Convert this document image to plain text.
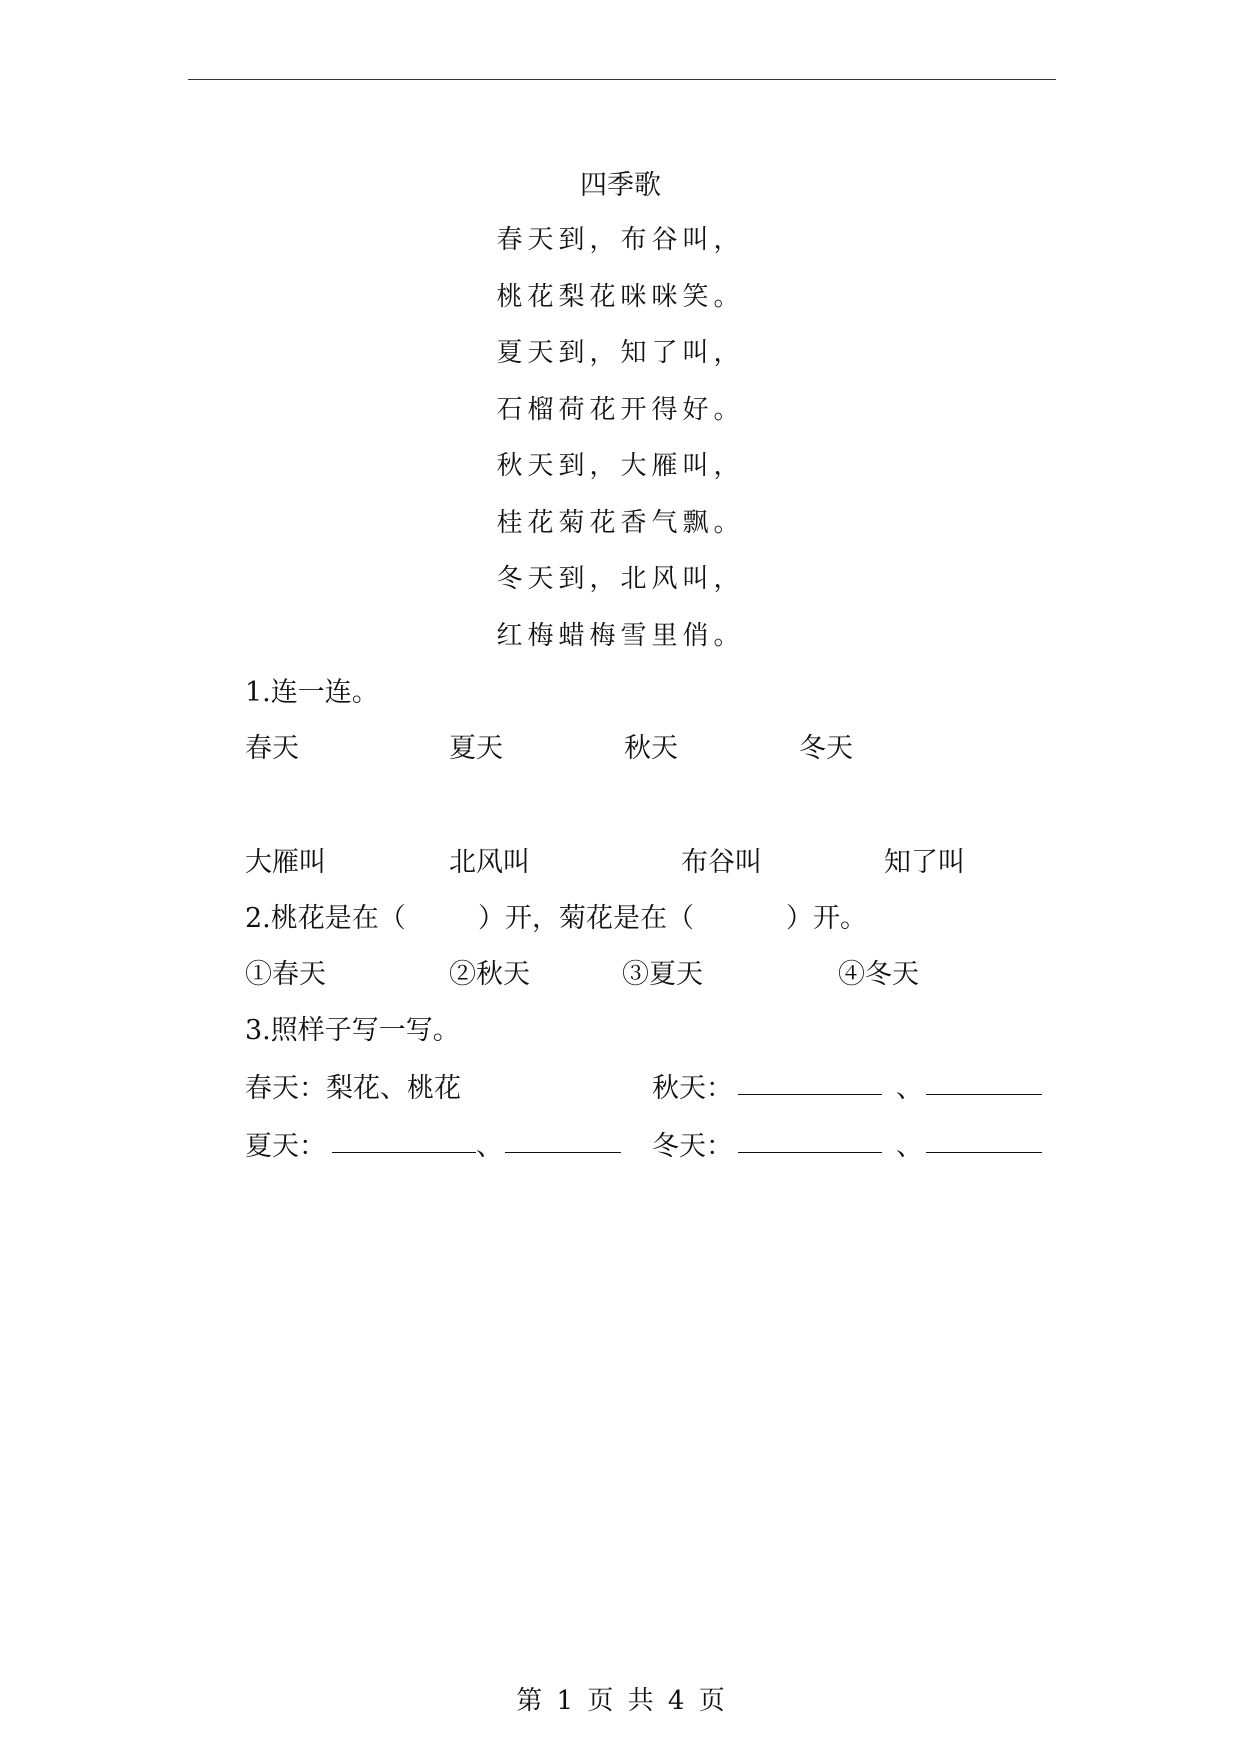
四季歌
春天到，布谷叫，
桃花梨花咪咪笑。
夏天到，知了叫，
石榴荷花开得好。
秋天到，大雁叫，
桂花菊花香气飘。
冬天到，北风叫，
红梅蜡梅雪里俏。
1.连一连。
春天	夏天	秋天	冬天
大雁叫	北风叫	布谷叫	知了叫
2.桃花是在（	）开，菊花是在（	）开。
①春天	②秋天	③夏天	④冬天
3.照样子写一写。
春天：梨花、桃花	秋天：	、
夏天：	、	冬天：	、
第 1 页 共 4 页
